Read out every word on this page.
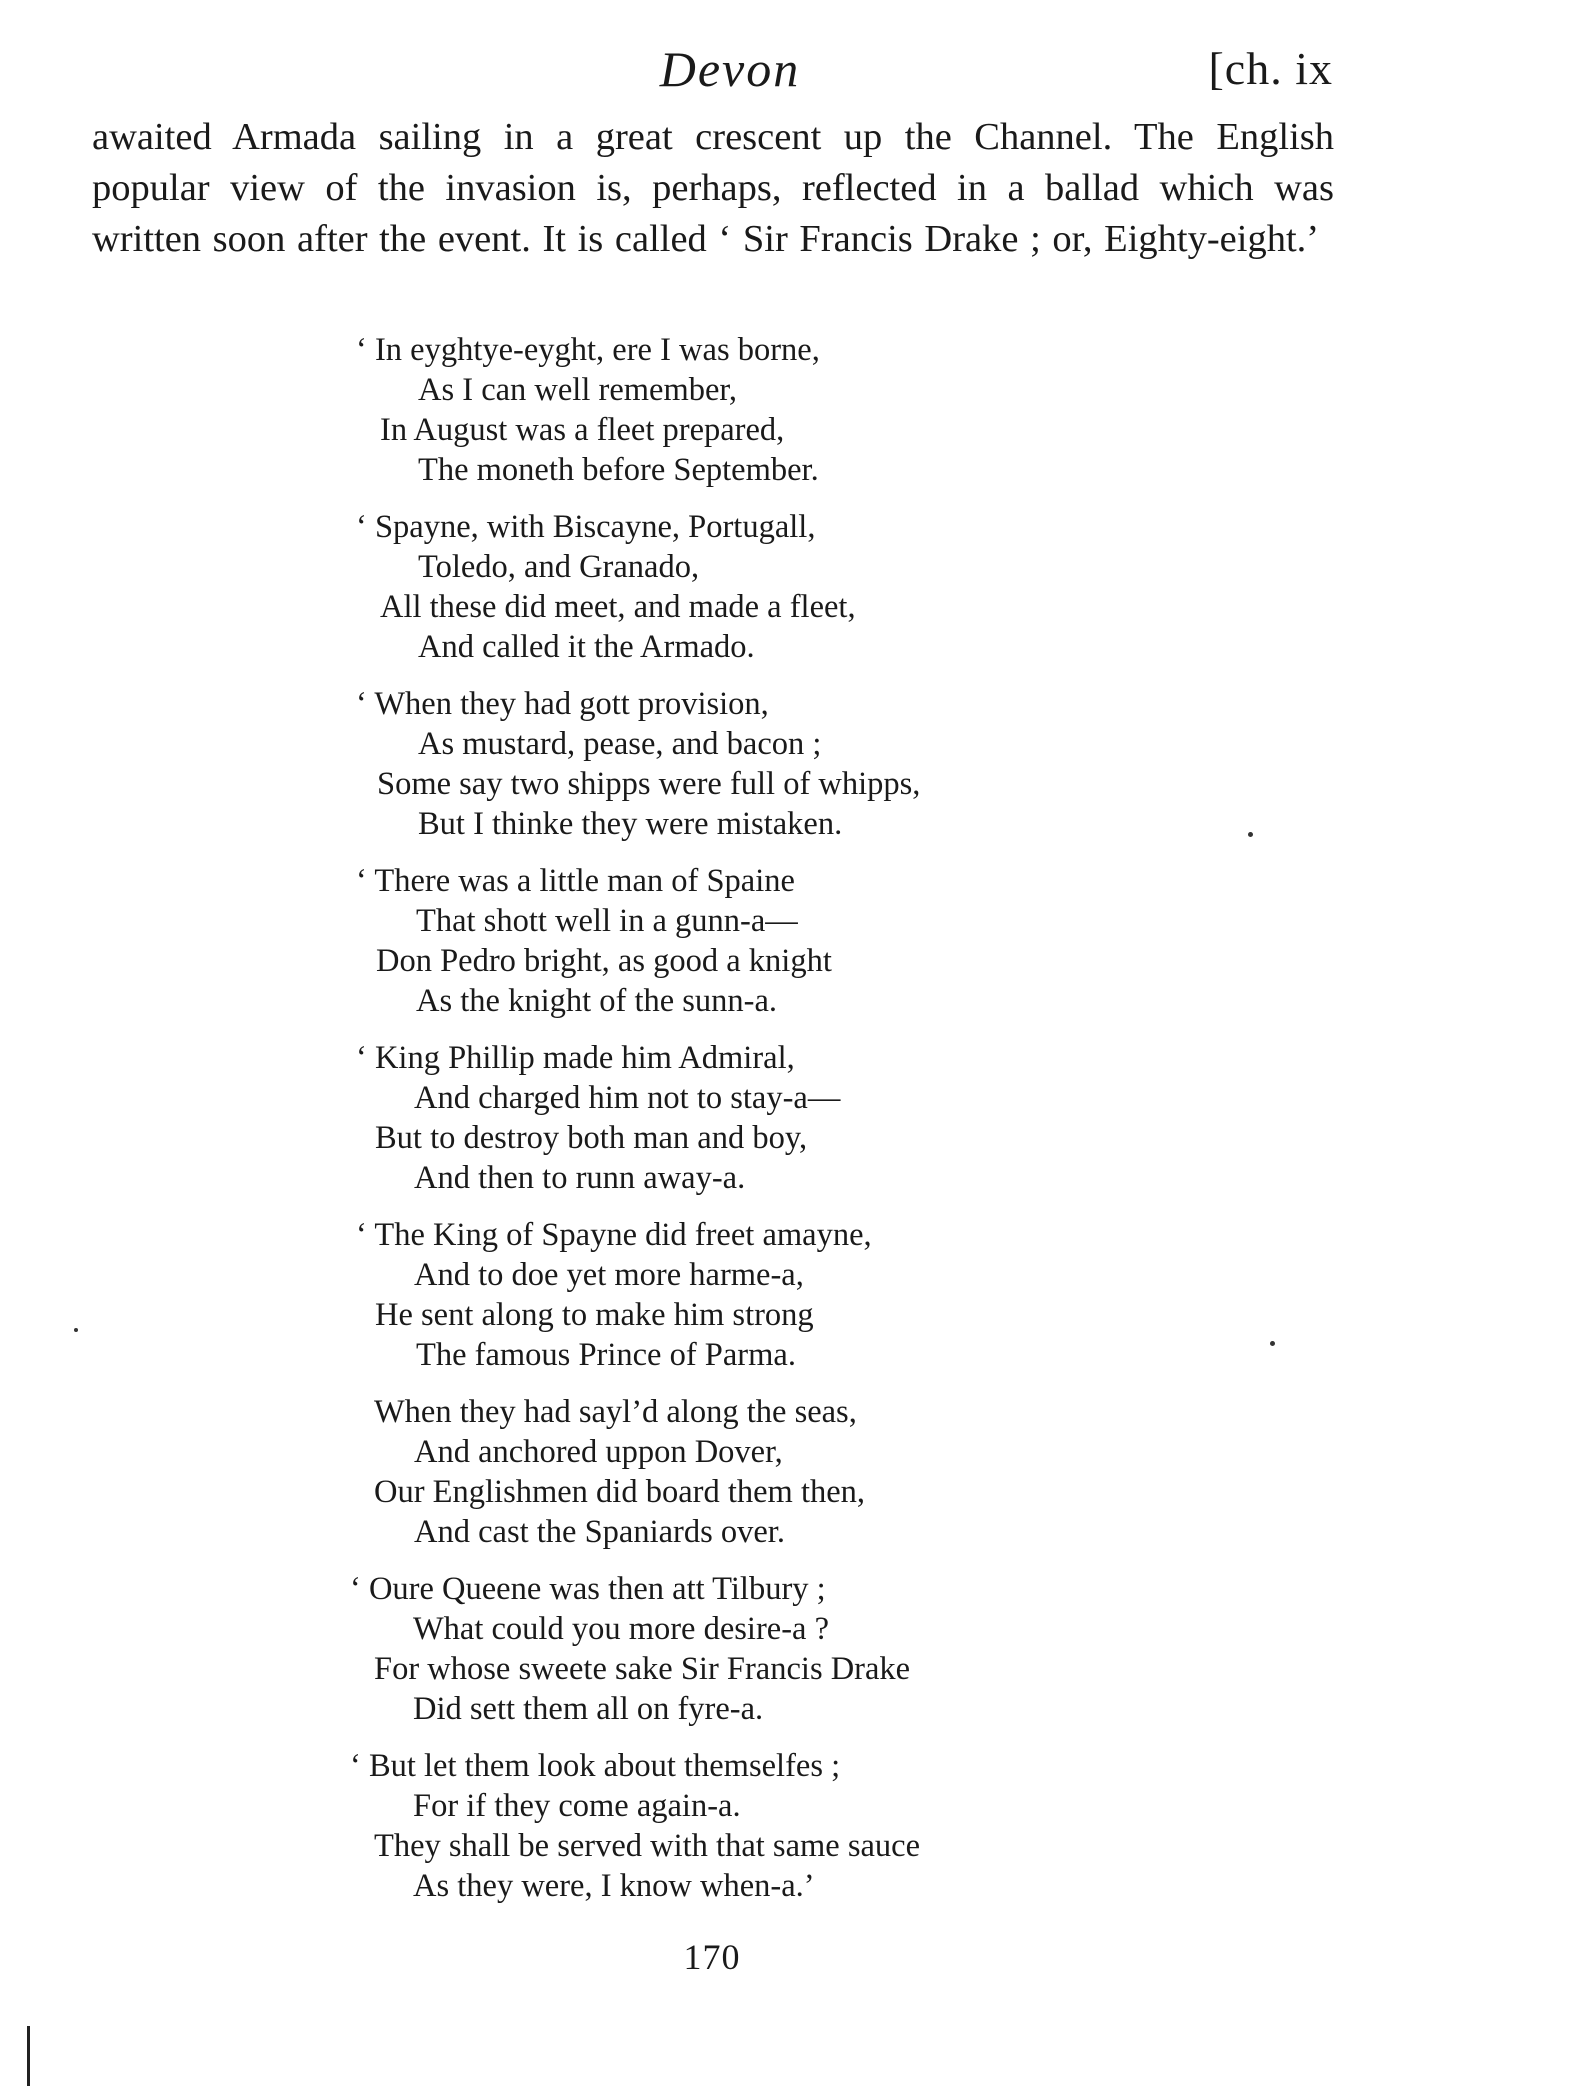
Devon	[ch. ix

awaited Armada sailing in a great crescent up the Channel. The English popular view of the invasion is, perhaps, reflected in a ballad which was written soon after the event. It is called ‘ Sir Francis Drake ; or, Eighty-eight.’

‘ In eyghtye-eyght, ere I was borne,
As I can well remember,
In August was a fleet prepared,
The moneth before September.
‘ Spayne, with Biscayne, Portugall,
Toledo, and Granado,
All these did meet, and made a fleet,
And called it the Armado.
‘ When they had gott provision,
As mustard, pease, and bacon ;
Some say two shipps were full of whipps,
But I thinke they were mistaken.
‘ There was a little man of Spaine
That shott well in a gunn-a—
Don Pedro bright, as good a knight
As the knight of the sunn-a.
‘ King Phillip made him Admiral,
And charged him not to stay-a—
But to destroy both man and boy,
And then to runn away-a.
‘ The King of Spayne did freet amayne,
And to doe yet more harme-a,
He sent along to make him strong
The famous Prince of Parma.
When they had sayl’d along the seas,
And anchored uppon Dover,
Our Englishmen did board them then,
And cast the Spaniards over.
‘ Oure Queene was then att Tilbury ;
What could you more desire-a ?
For whose sweete sake Sir Francis Drake
Did sett them all on fyre-a.
‘ But let them look about themselfes ;
For if they come again-a.
They shall be served with that same sauce
As they were, I know when-a.’
170
